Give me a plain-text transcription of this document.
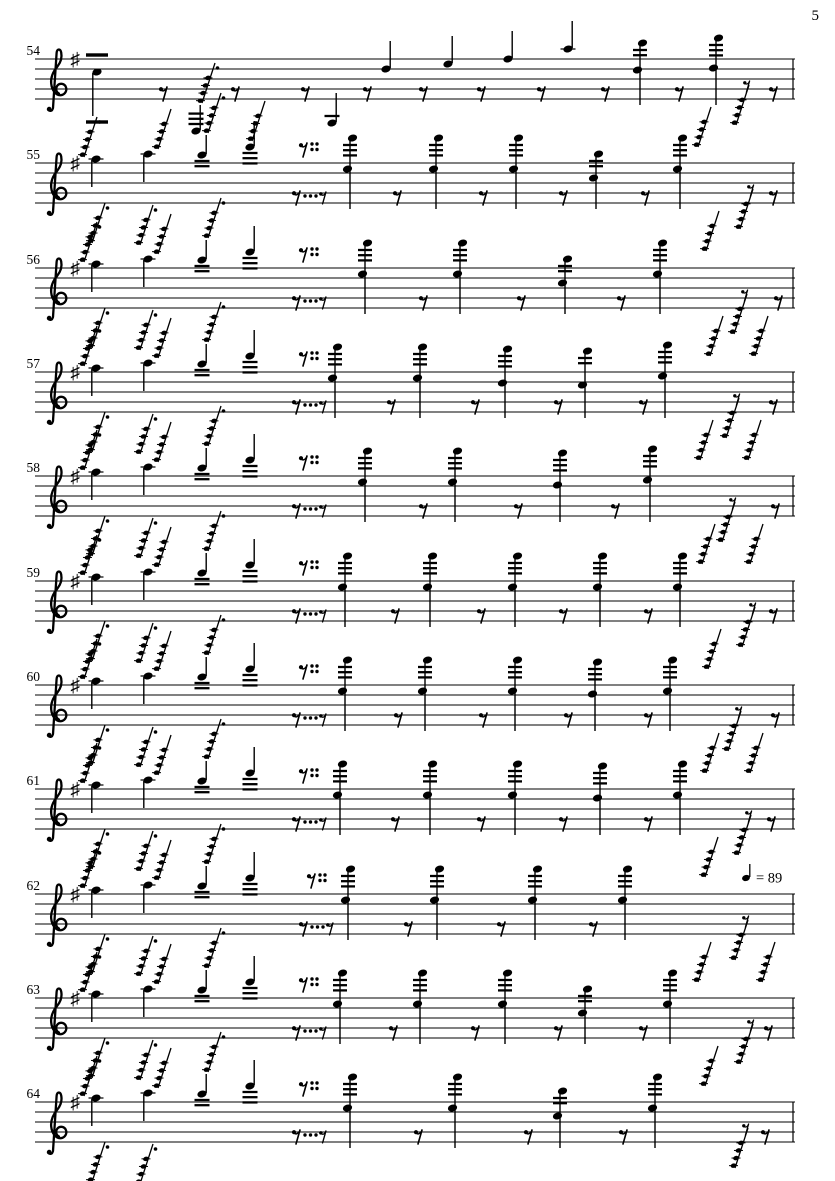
5
54 ♯
55 ♯
56 ♯
57 ♯
58 ♯
59 ♯
60 ♯
61 ♯
62 ♯
= 89
63 ♯
64 ♯
